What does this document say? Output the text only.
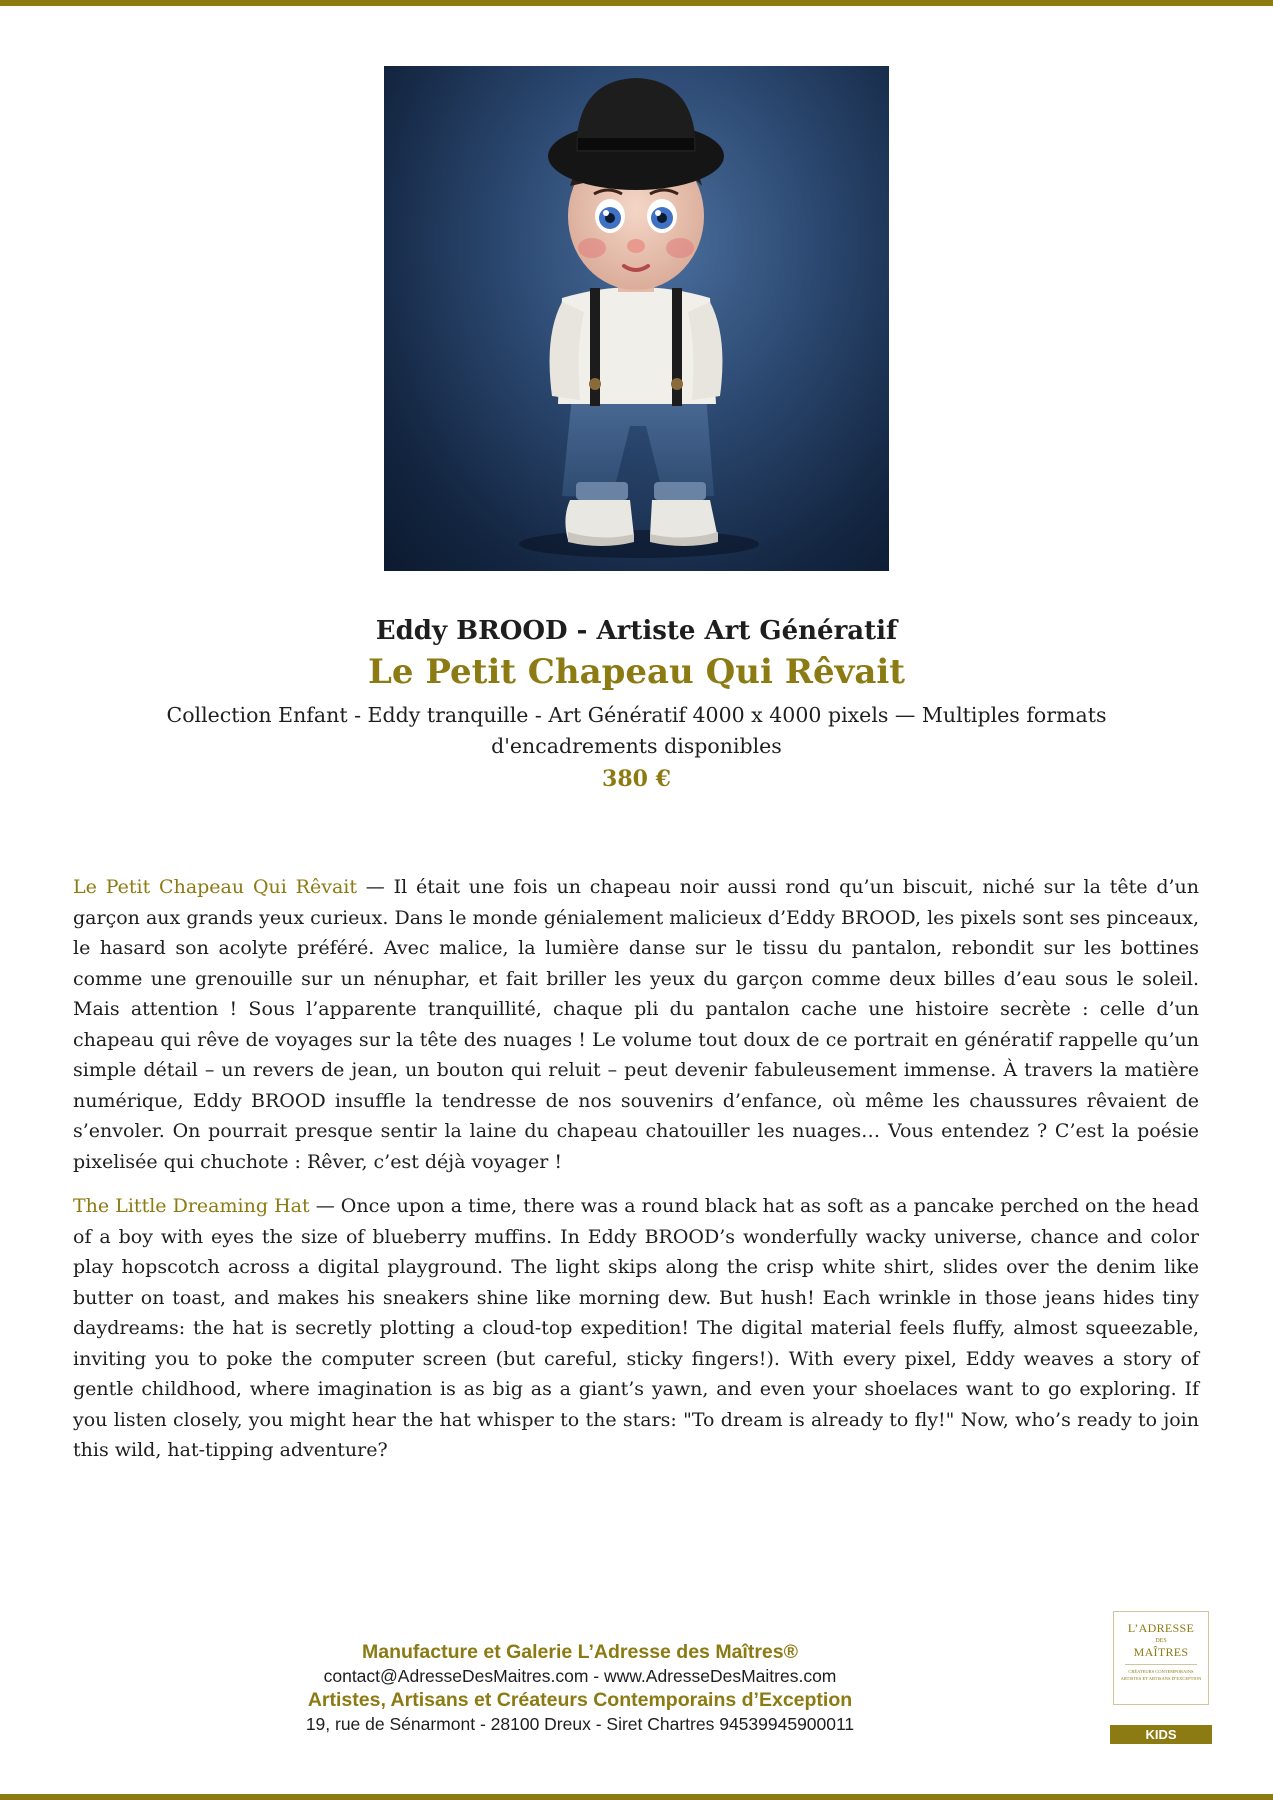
Eddy BROOD - Artiste Art Génératif
Le Petit Chapeau Qui Rêvait
Collection Enfant - Eddy tranquille - Art Génératif 4000 x 4000 pixels — Multiples formats d'encadrements disponibles
380 €

Le Petit Chapeau Qui Rêvait — Il était une fois un chapeau noir aussi rond qu’un biscuit, niché sur la tête d’un garçon aux grands yeux curieux. Dans le monde génialement malicieux d’Eddy BROOD, les pixels sont ses pinceaux, le hasard son acolyte préféré. Avec malice, la lumière danse sur le tissu du pantalon, rebondit sur les bottines comme une grenouille sur un nénuphar, et fait briller les yeux du garçon comme deux billes d’eau sous le soleil. Mais attention ! Sous l’apparente tranquillité, chaque pli du pantalon cache une histoire secrète : celle d’un chapeau qui rêve de voyages sur la tête des nuages ! Le volume tout doux de ce portrait en génératif rappelle qu’un simple détail – un revers de jean, un bouton qui reluit – peut devenir fabuleusement immense. À travers la matière numérique, Eddy BROOD insuffle la tendresse de nos souvenirs d’enfance, où même les chaussures rêvaient de s’envoler. On pourrait presque sentir la laine du chapeau chatouiller les nuages… Vous entendez ? C’est la poésie pixelisée qui chuchote : Rêver, c’est déjà voyager !

The Little Dreaming Hat — Once upon a time, there was a round black hat as soft as a pancake perched on the head of a boy with eyes the size of blueberry muffins. In Eddy BROOD’s wonderfully wacky universe, chance and color play hopscotch across a digital playground. The light skips along the crisp white shirt, slides over the denim like butter on toast, and makes his sneakers shine like morning dew. But hush! Each wrinkle in those jeans hides tiny daydreams: the hat is secretly plotting a cloud-top expedition! The digital material feels fluffy, almost squeezable, inviting you to poke the computer screen (but careful, sticky fingers!). With every pixel, Eddy weaves a story of gentle childhood, where imagination is as big as a giant’s yawn, and even your shoelaces want to go exploring. If you listen closely, you might hear the hat whisper to the stars: "To dream is already to fly!" Now, who’s ready to join this wild, hat-tipping adventure?

Manufacture et Galerie L’Adresse des Maîtres®
contact@AdresseDesMaitres.com - www.AdresseDesMaitres.com
Artistes, Artisans et Créateurs Contemporains d’Exception
19, rue de Sénarmont - 28100 Dreux - Siret Chartres 94539945900011
L’ADRESSE
DES
MAÎTRES
CRÉATEURS CONTEMPORAINS ARTISTES ET ARTISANS D’EXCEPTION
KIDS
